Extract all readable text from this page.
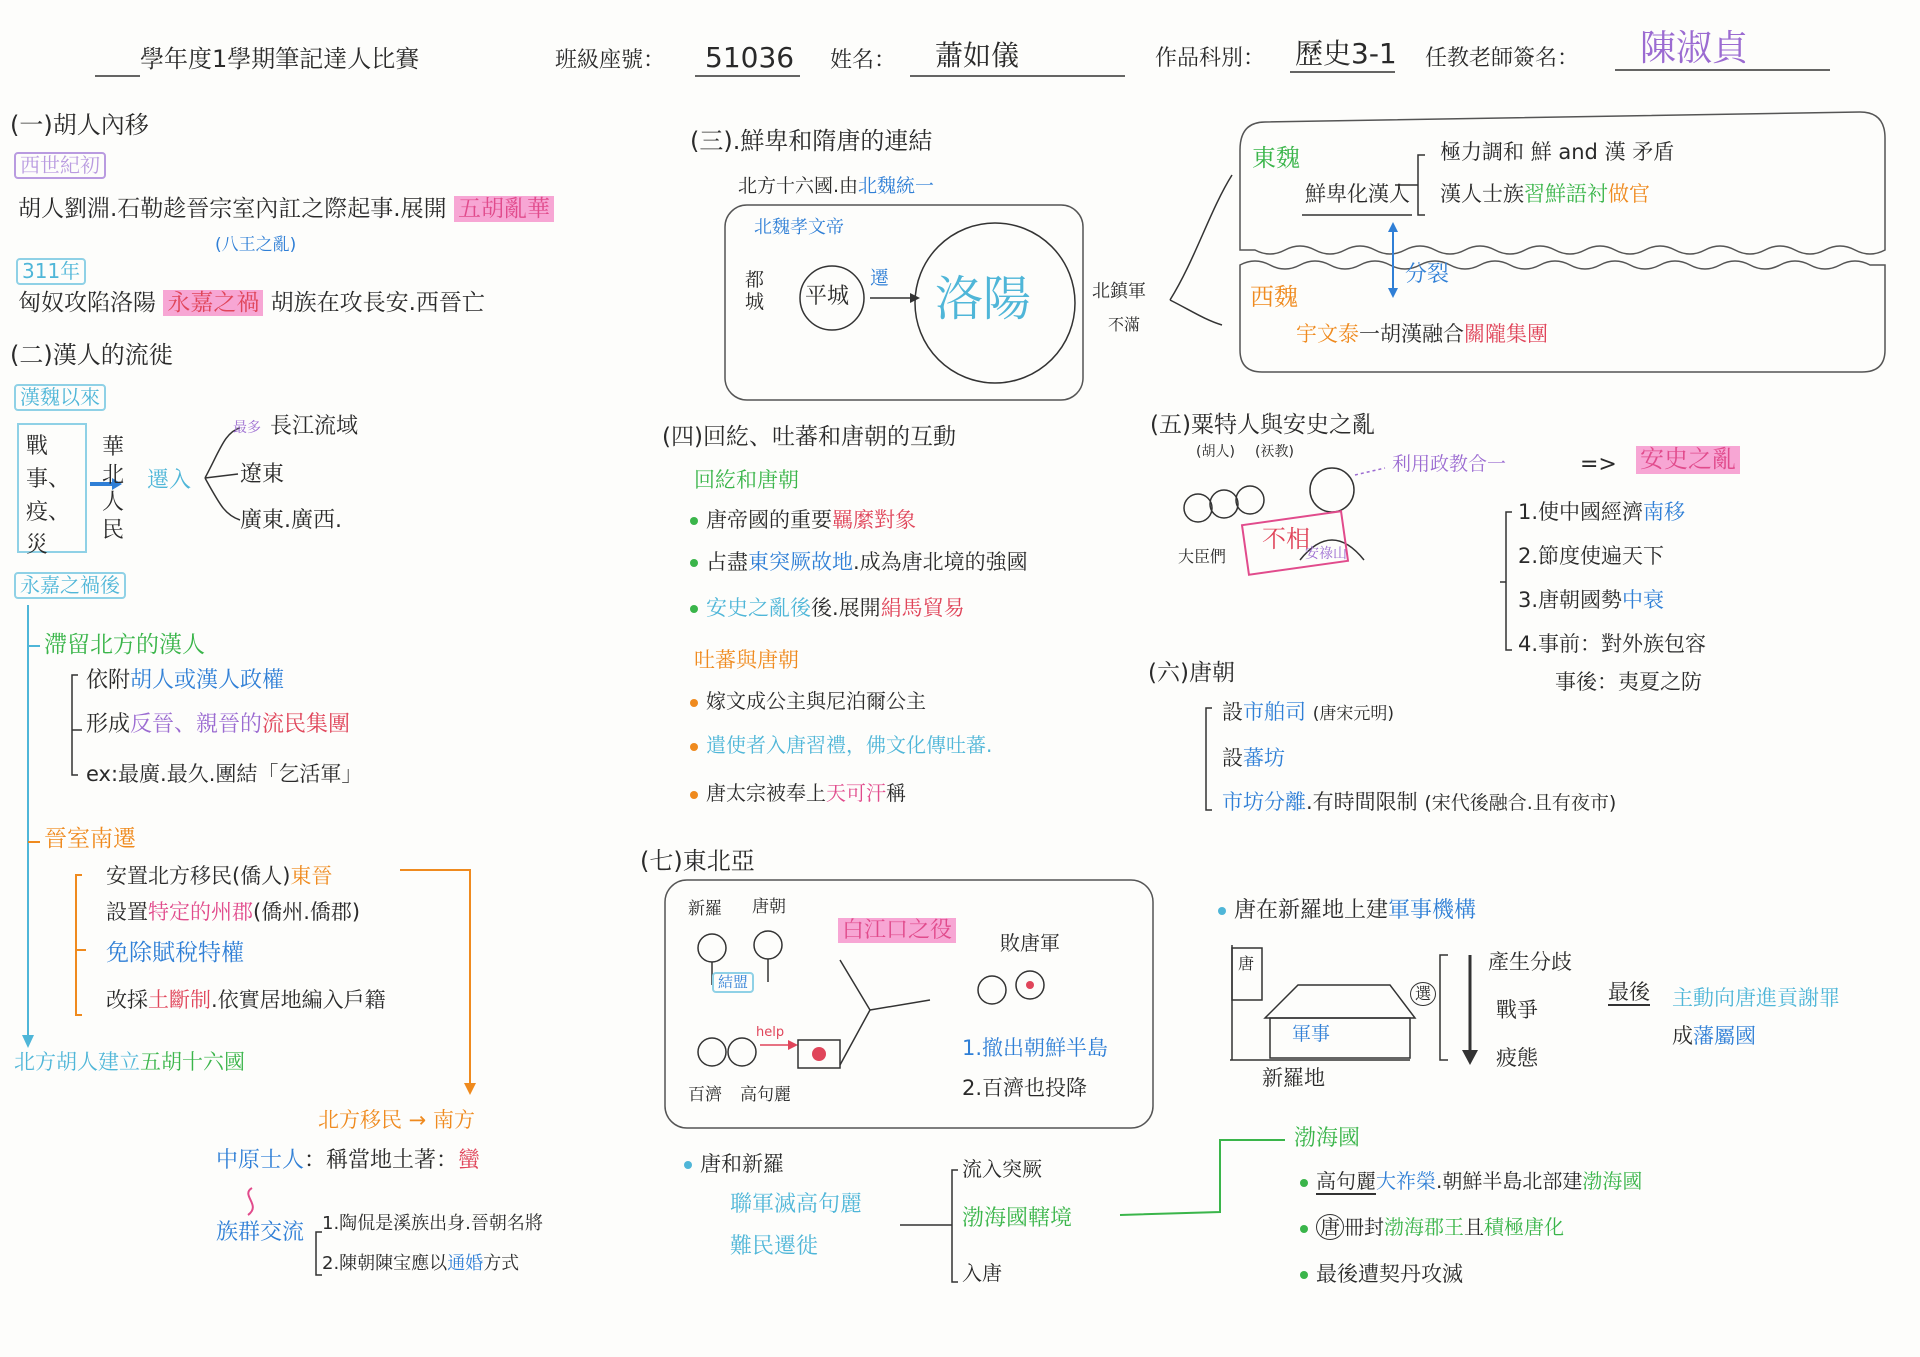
學年度1學期筆記達人比賽	班級座號： 51036 姓名： 蕭如儀	作品科別： 歷史3-1 任教老師簽名： 陳淑貞
(一)胡人內移
西世紀初
胡人劉淵.石勒趁晉宗室內訌之際起事.展開 五胡亂華
(八王之亂)
311年
匈奴攻陷洛陽 永嘉之禍 胡族在攻長安.西晉亡
(二)漢人的流徙
漢魏以來
戰事、疫、災
華北人民
遷入
最多 長江流域
遼東
廣東.廣西.
永嘉之禍後
滯留北方的漢人
依附胡人或漢人政權
形成反晉、親晉的流民集團
ex:最廣.最久.團結「乞活軍」
晉室南遷
安置北方移民(僑人)東晉
設置特定的州郡(僑州.僑郡)
免除賦稅特權
改採土斷制.依實居地編入戶籍
北方胡人建立五胡十六國
北方移民 → 南方
中原士人：稱當地土著：蠻
族群交流 1.陶侃是溪族出身.晉朝名將
2.陳朝陳宝應以通婚方式
(三).鮮卑和隋唐的連結
北方十六國.由北魏統一
北魏孝文帝
都城 平城
遷 洛陽	北鎮軍
不滿
東魏
鮮卑化漢人
極力調和 鮮 and 漢 矛盾
漢人士族習鮮語衬做官
分裂
西魏
宇文泰一胡漢融合關隴集團
(四)回紇、吐蕃和唐朝的互動
回紇和唐朝
唐帝國的重要羈縻對象
占盡東突厥故地.成為唐北境的強國
安史之亂後後.展開絹馬貿易
吐蕃與唐朝
嫁文成公主與尼泊爾公主
遣使者入唐習禮，佛文化傳吐蕃.
唐太宗被奉上天可汗稱
(五)粟特人與安史之亂
(胡人) (祆教)
利用政教合一	=> 安史之亂
大臣們
不相
安祿山
1.使中國經濟南移
2.節度使遍天下
3.唐朝國勢中衰
4.事前：對外族包容
事後：夷夏之防
(六)唐朝
設市舶司 (唐宋元明)
設蕃坊
市坊分離.有時間限制 (宋代後融合.且有夜市)
(七)東北亞
新羅 唐朝
結盟
help
百濟 高句麗
白江口之役 敗唐軍
1.撤出朝鮮半島
2.百濟也投降
唐在新羅地上建軍事機構
唐
軍事
新羅地
選
產生分歧
戰爭
疲態
最後 主動向唐進貢謝罪
成藩屬國
唐和新羅
聯軍滅高句麗
難民遷徙
流入突厥
渤海國轄境
入唐
渤海國
高句麗大祚榮.朝鮮半島北部建渤海國
唐 冊封渤海郡王且積極唐化
最後遭契丹攻滅
